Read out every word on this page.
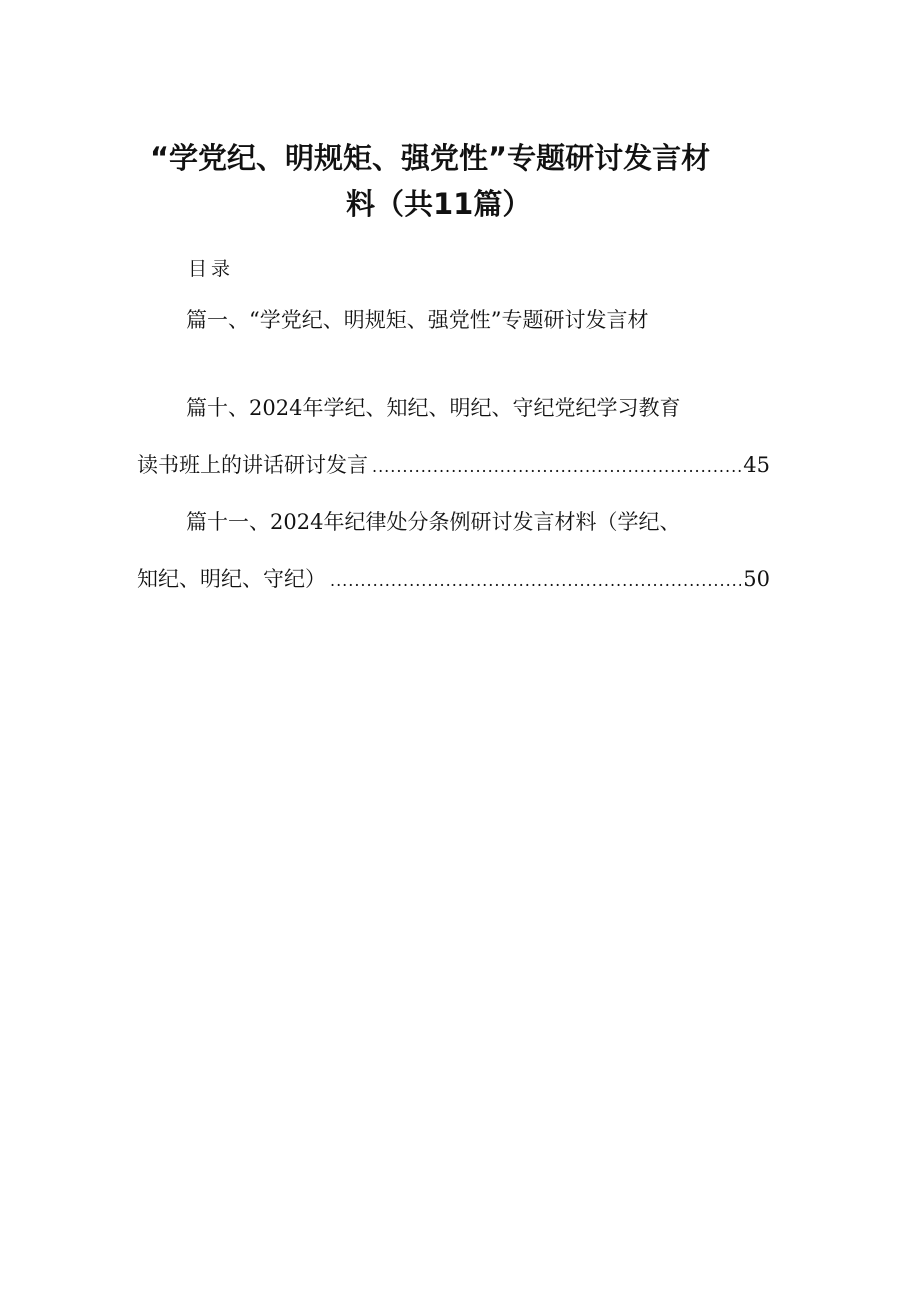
“学党纪、明规矩、强党性”专题研讨发言材
料（共11篇）
目录
篇一、“学党纪、明规矩、强党性”专题研讨发言材
篇十、2024年学纪、知纪、明纪、守纪党纪学习教育
读书班上的讲话研讨发言 .....	45
篇十一、2024年纪律处分条例研讨发言材料（学纪、
知纪、明纪、守纪） .....	50
